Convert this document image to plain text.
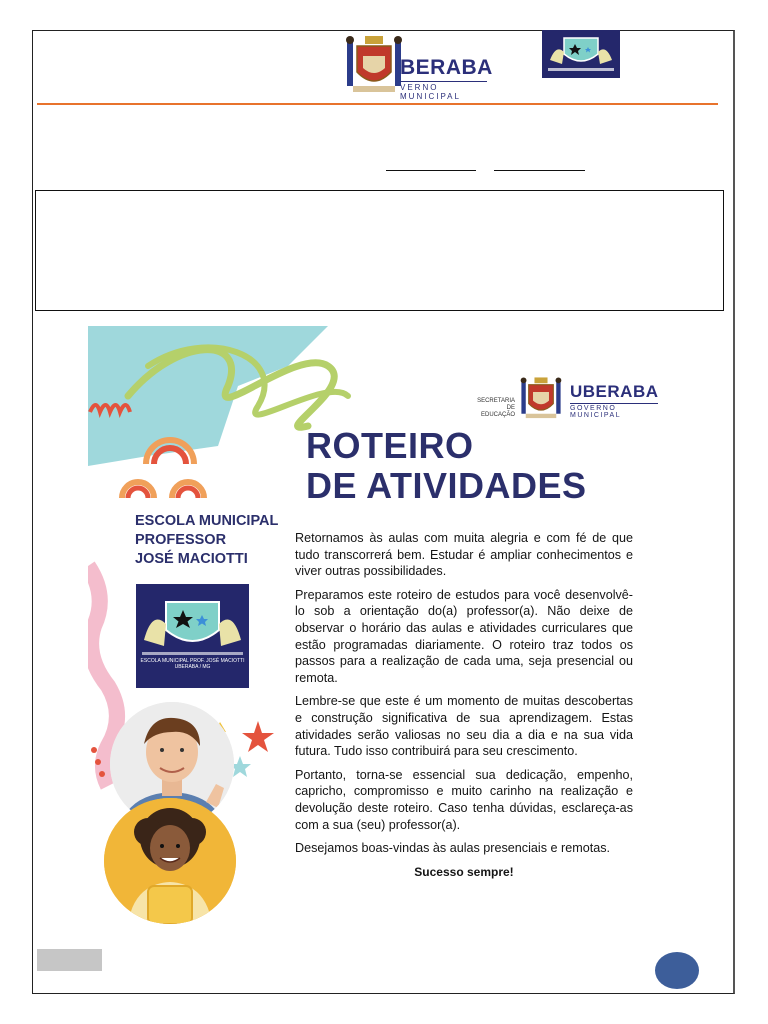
BERABA
VERNO MUNICIPAL
SECRETARIA DE EDUCAÇÃO
UBERABA
GOVERNO MUNICIPAL
ROTEIRO
DE ATIVIDADES
ESCOLA MUNICIPAL
PROFESSOR
JOSÉ MACIOTTI
ESCOLA MUNICIPAL PROF. JOSÉ MACIOTTI UBERABA / MG

Retornamos às aulas com muita alegria e com fé de que tudo transcorrerá bem. Estudar é ampliar conhecimentos e viver outras possibilidades.

Preparamos este roteiro de estudos para você desenvolvê-lo sob a orientação do(a) professor(a). Não deixe de observar o horário das aulas e atividades curriculares que estão programadas diariamente. O roteiro traz todos os passos para a realização de cada uma, seja presencial ou remota.

Lembre-se que este é um momento de muitas descobertas e construção significativa de sua aprendizagem. Estas atividades serão valiosas no seu dia a dia e na sua vida futura. Tudo isso contribuirá para seu crescimento.

Portanto, torna-se essencial sua dedicação, empenho, capricho, compromisso e muito carinho na realização e devolução deste roteiro. Caso tenha dúvidas, esclareça-as com a sua (seu) professor(a).

Desejamos boas-vindas às aulas presenciais e remotas.

Sucesso sempre!
